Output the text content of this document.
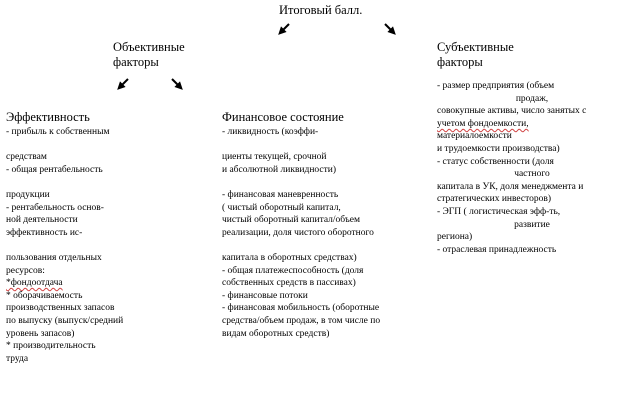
Итоговый балл.
Объективные
факторы
Субъективные
факторы
- размер предприятия (объем
продаж,
совокупные активы, число занятых с
учетом фондоемкости,
материалоемкости
и трудоемкости производства)
- статус собственности (доля
частного
капитала в УК, доля менеджмента и
стратегических инвесторов)
- ЭГП ( логистическая эфф-ть,
развитие
региона)
- отраслевая принадлежность
Эффективность
- прибыль к собственным
средствам
- общая рентабельность
продукции
- рентабельность основ-
ной деятельности
эффективность ис-
пользования отдельных
ресурсов:
*фондоотдача
* оборачиваемость
производственных запасов
по выпуску (выпуск/средний
уровень запасов)
* производительность
труда
Финансовое состояние
- ликвидность (коэффи-
циенты текущей, срочной
и абсолютной ликвидности)
- финансовая маневренность
( чистый оборотный капитал,
чистый оборотный капитал/объем
реализации, доля чистого оборотного
капитала в оборотных средствах)
- общая платежеспособность (доля
собственных средств в пассивах)
- финансовые потоки
- финансовая мобильность (оборотные
средства/объем продаж, в том числе по
видам оборотных средств)
